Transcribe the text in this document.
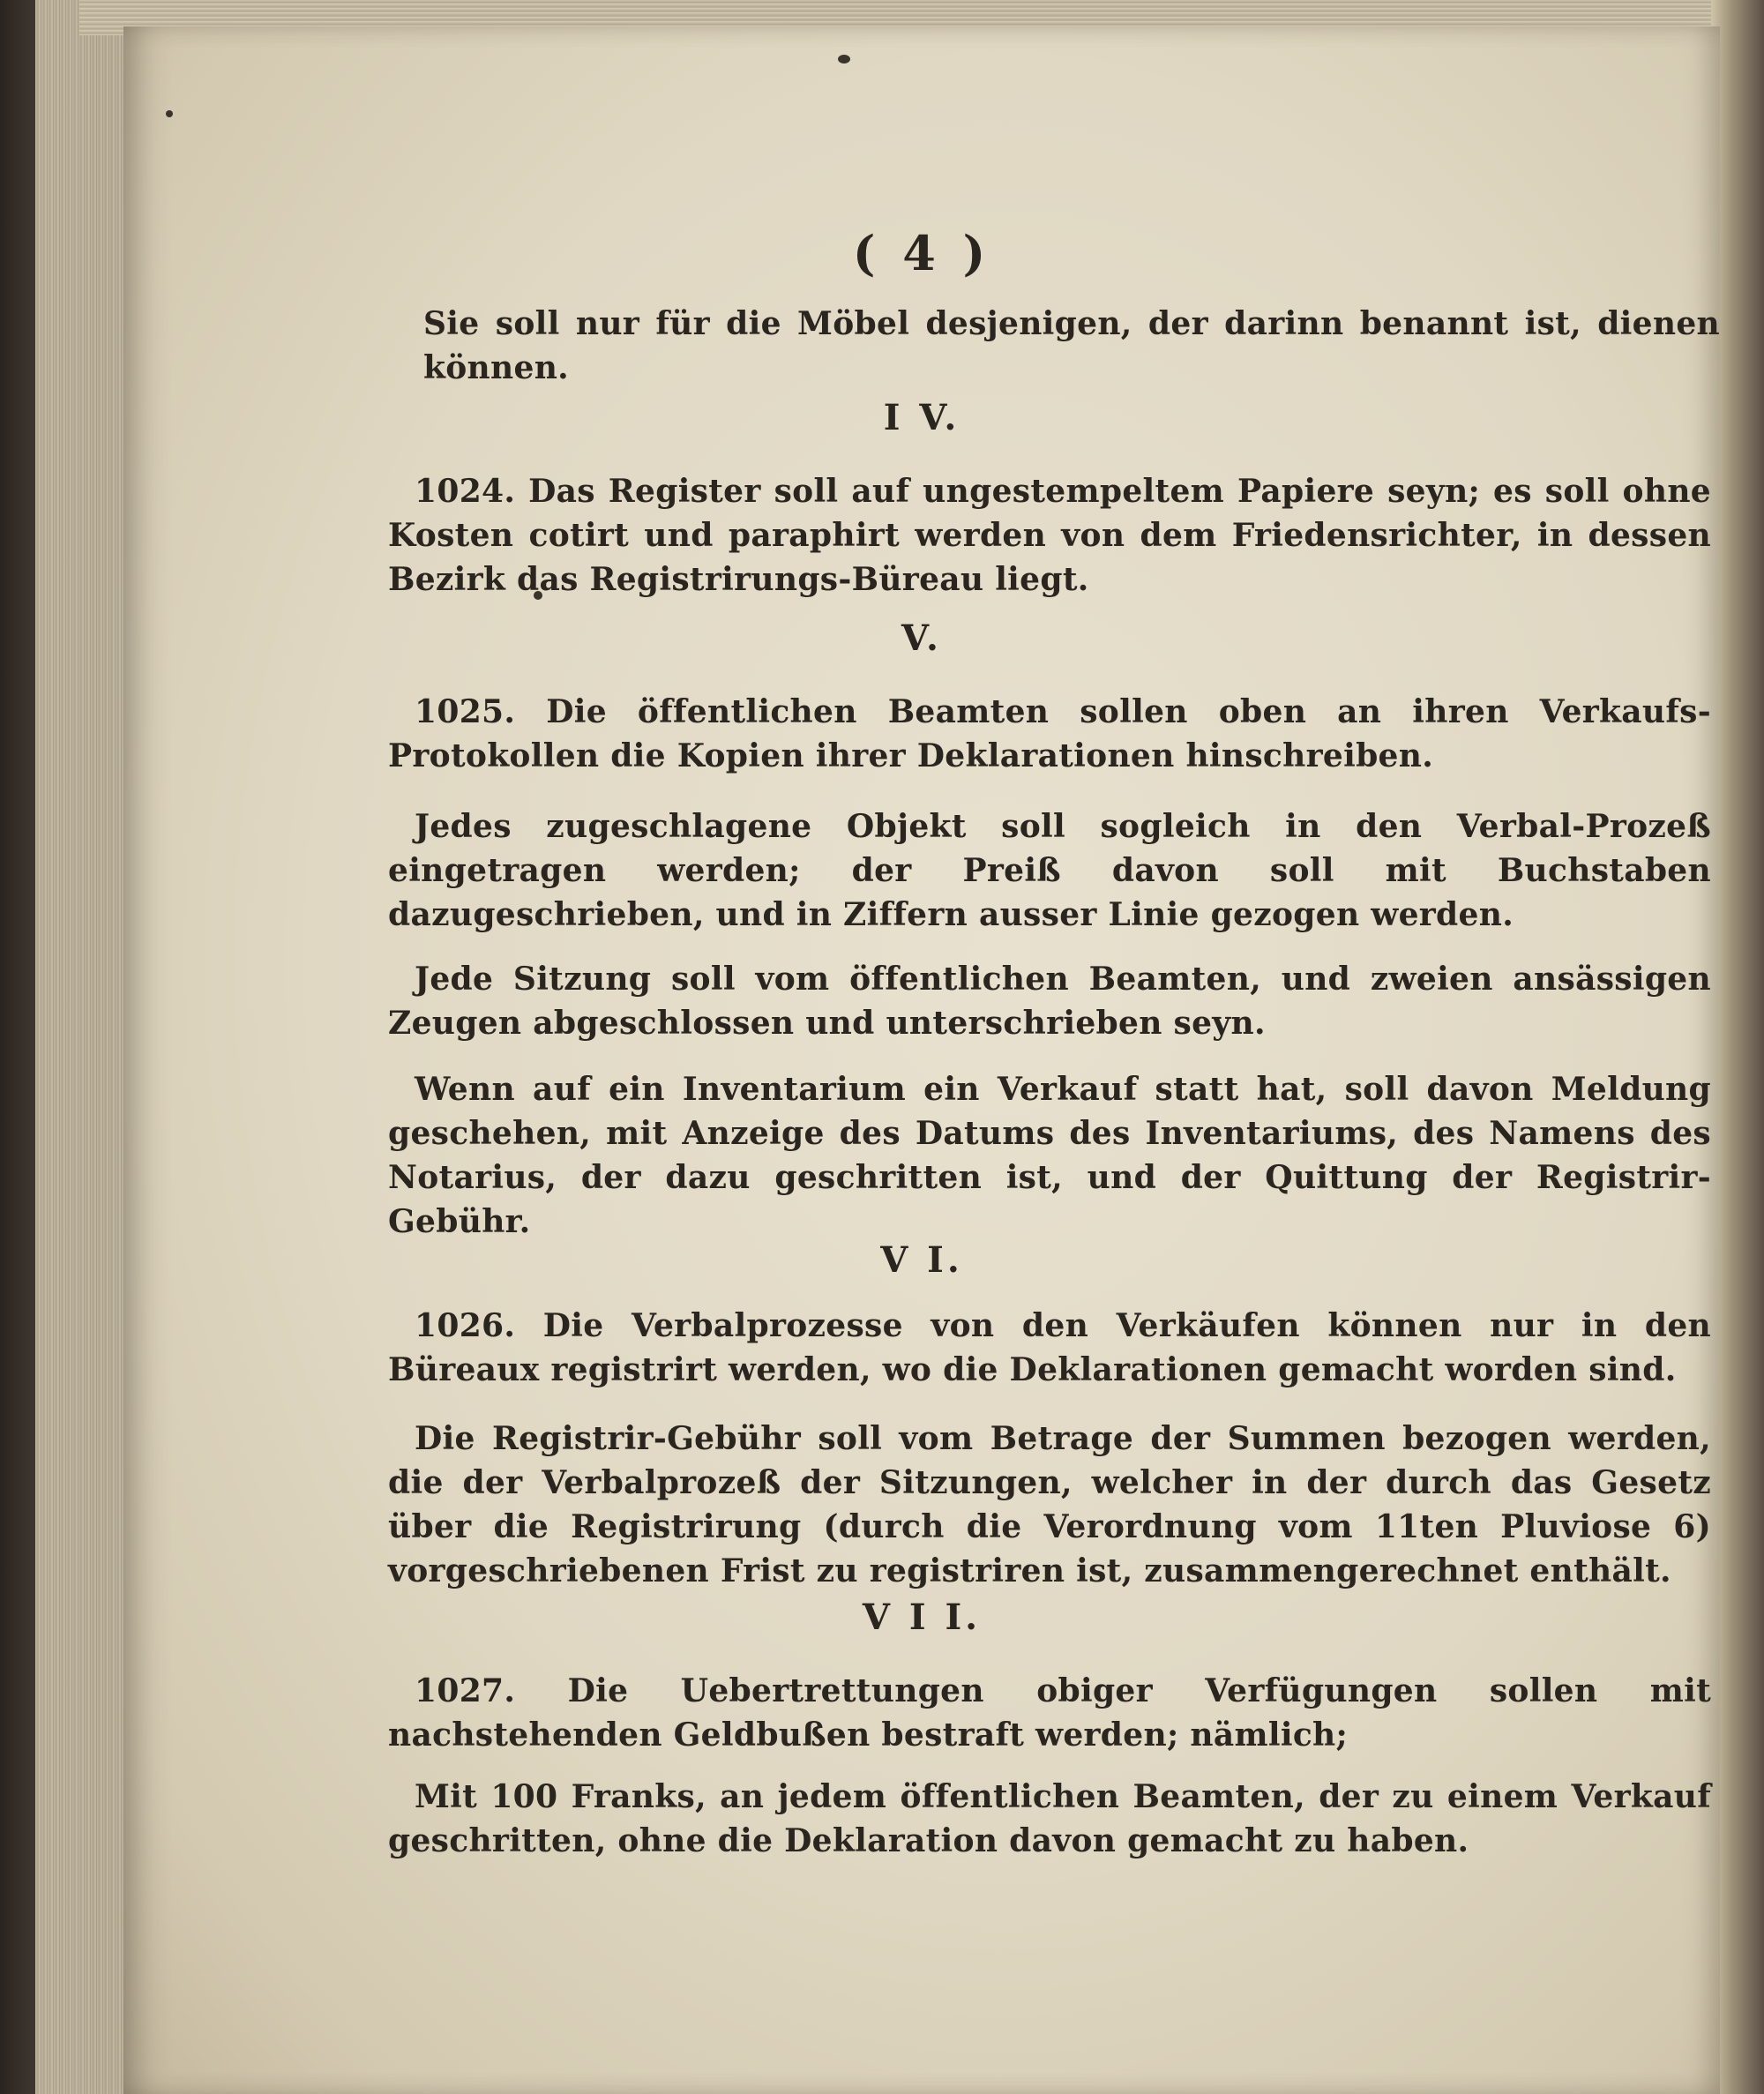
( 4 )

Sie soll nur für die Möbel desjenigen, der darinn benannt ist, dienen können.

I V.

1024. Das Register soll auf ungestempeltem Papiere seyn; es soll ohne Kosten cotirt und paraphirt werden von dem Friedensrichter, in dessen Bezirk das Registrirungs-Büreau liegt.

V.

1025. Die öffentlichen Beamten sollen oben an ihren Verkaufs-Protokollen die Kopien ihrer Deklarationen hinschreiben.

Jedes zugeschlagene Objekt soll sogleich in den Verbal-Prozeß eingetragen werden; der Preiß davon soll mit Buchstaben dazugeschrieben, und in Ziffern ausser Linie gezogen werden.

Jede Sitzung soll vom öffentlichen Beamten, und zweien ansässigen Zeugen abgeschlossen und unterschrieben seyn.

Wenn auf ein Inventarium ein Verkauf statt hat, soll davon Meldung geschehen, mit Anzeige des Datums des Inventariums, des Namens des Notarius, der dazu geschritten ist, und der Quittung der Registrir-Gebühr.

V I.

1026. Die Verbalprozesse von den Verkäufen können nur in den Büreaux registrirt werden, wo die Deklarationen gemacht worden sind.

Die Registrir-Gebühr soll vom Betrage der Summen bezogen werden, die der Verbalprozeß der Sitzungen, welcher in der durch das Gesetz über die Registrirung (durch die Verordnung vom 11ten Pluviose 6) vorgeschriebenen Frist zu registriren ist, zusammengerechnet enthält.

V I I.

1027. Die Uebertrettungen obiger Verfügungen sollen mit nachstehenden Geldbußen bestraft werden; nämlich;

Mit 100 Franks, an jedem öffentlichen Beamten, der zu einem Verkauf geschritten, ohne die Deklaration davon gemacht zu haben.
